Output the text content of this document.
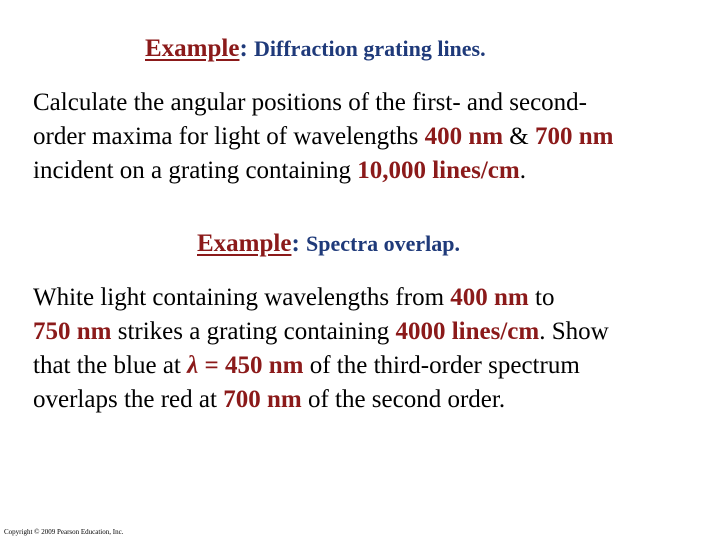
Example: Diffraction grating lines.

Calculate the angular positions of the first- and second-
order maxima for light of wavelengths 400 nm & 700 nm
incident on a grating containing 10,000 lines/cm.

Example: Spectra overlap.

White light containing wavelengths from 400 nm to
750 nm strikes a grating containing 4000 lines/cm. Show
that the blue at λ = 450 nm of the third-order spectrum
overlaps the red at 700 nm of the second order.

Copyright © 2009 Pearson Education, Inc.
